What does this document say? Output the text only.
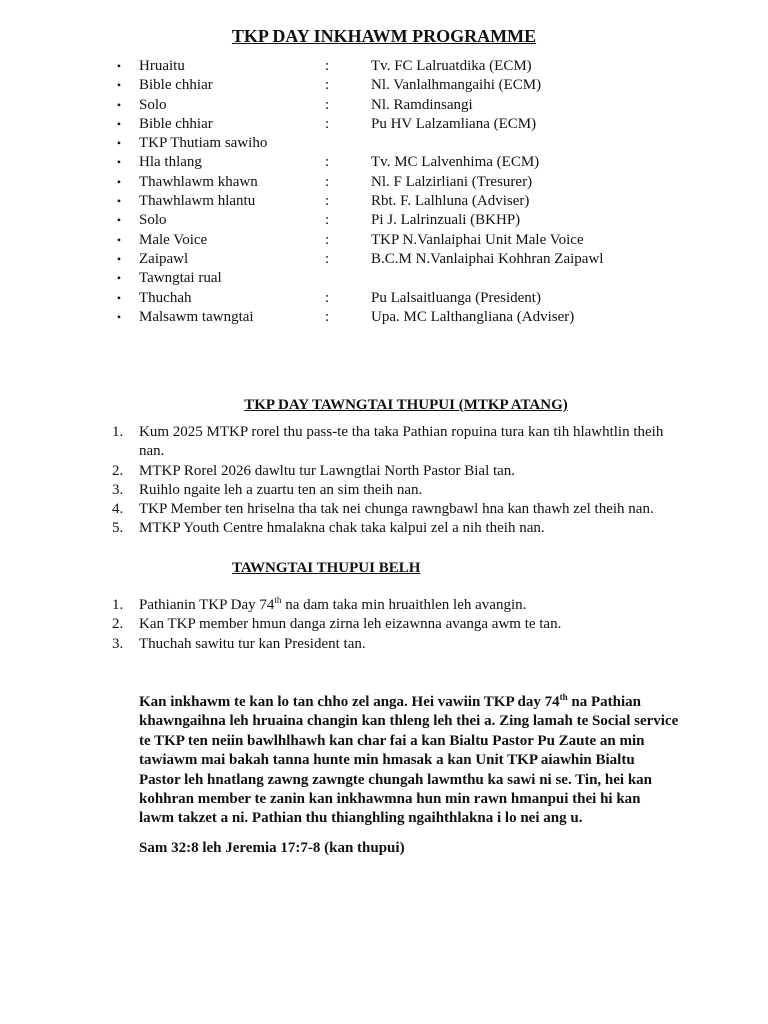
TKP DAY INKHAWM PROGRAMME
•	Hruaitu	:	Tv. FC Lalruatdika (ECM)
•	Bible chhiar	:	Nl. Vanlalhmangaihi (ECM)
•	Solo	:	Nl. Ramdinsangi
•	Bible chhiar	:	Pu HV Lalzamliana (ECM)
•	TKP Thutiam sawiho
•	Hla thlang	:	Tv. MC Lalvenhima (ECM)
•	Thawhlawm khawn	:	Nl. F Lalzirliani (Tresurer)
•	Thawhlawm hlantu	:	Rbt. F. Lalhluna (Adviser)
•	Solo	:	Pi J. Lalrinzuali (BKHP)
•	Male Voice	:	TKP N.Vanlaiphai Unit Male Voice
•	Zaipawl	:	B.C.M N.Vanlaiphai Kohhran Zaipawl
•	Tawngtai rual
•	Thuchah	:	Pu Lalsaitluanga (President)
•	Malsawm tawngtai	:	Upa. MC Lalthangliana (Adviser)
TKP DAY TAWNGTAI THUPUI (MTKP ATANG)
1. Kum 2025 MTKP rorel thu pass-te tha taka Pathian ropuina tura kan tih hlawhtlin theih nan.
2. MTKP Rorel 2026 dawltu tur Lawngtlai North Pastor Bial tan.
3. Ruihlo ngaite leh a zuartu ten an sim theih nan.
4. TKP Member ten hriselna tha tak nei chunga rawngbawl hna kan thawh zel theih nan.
5. MTKP Youth Centre hmalakna chak taka kalpui zel a nih theih nan.
TAWNGTAI THUPUI BELH
1. Pathianin TKP Day 74th na dam taka min hruaithlen leh avangin.
2. Kan TKP member hmun danga zirna leh eizawnna avanga awm te tan.
3. Thuchah sawitu tur kan President tan.

Kan inkhawm te kan lo tan chho zel anga. Hei vawiin TKP day 74th na Pathian khawngaihna leh hruaina changin kan thleng leh thei a. Zing lamah te Social service te TKP ten neiin bawlhlhawh kan char fai a kan Bialtu Pastor Pu Zaute an min tawiawm mai bakah tanna hunte min hmasak a kan Unit TKP aiawhin Bialtu Pastor leh hnatlang zawng zawngte chungah lawmthu ka sawi ni se. Tin, hei kan kohhran member te zanin kan inkhawmna hun min rawn hmanpui thei hi kan lawm takzet a ni. Pathian thu thianghling ngaihthlakna i lo nei ang u.

Sam 32:8 leh Jeremia 17:7-8 (kan thupui)
